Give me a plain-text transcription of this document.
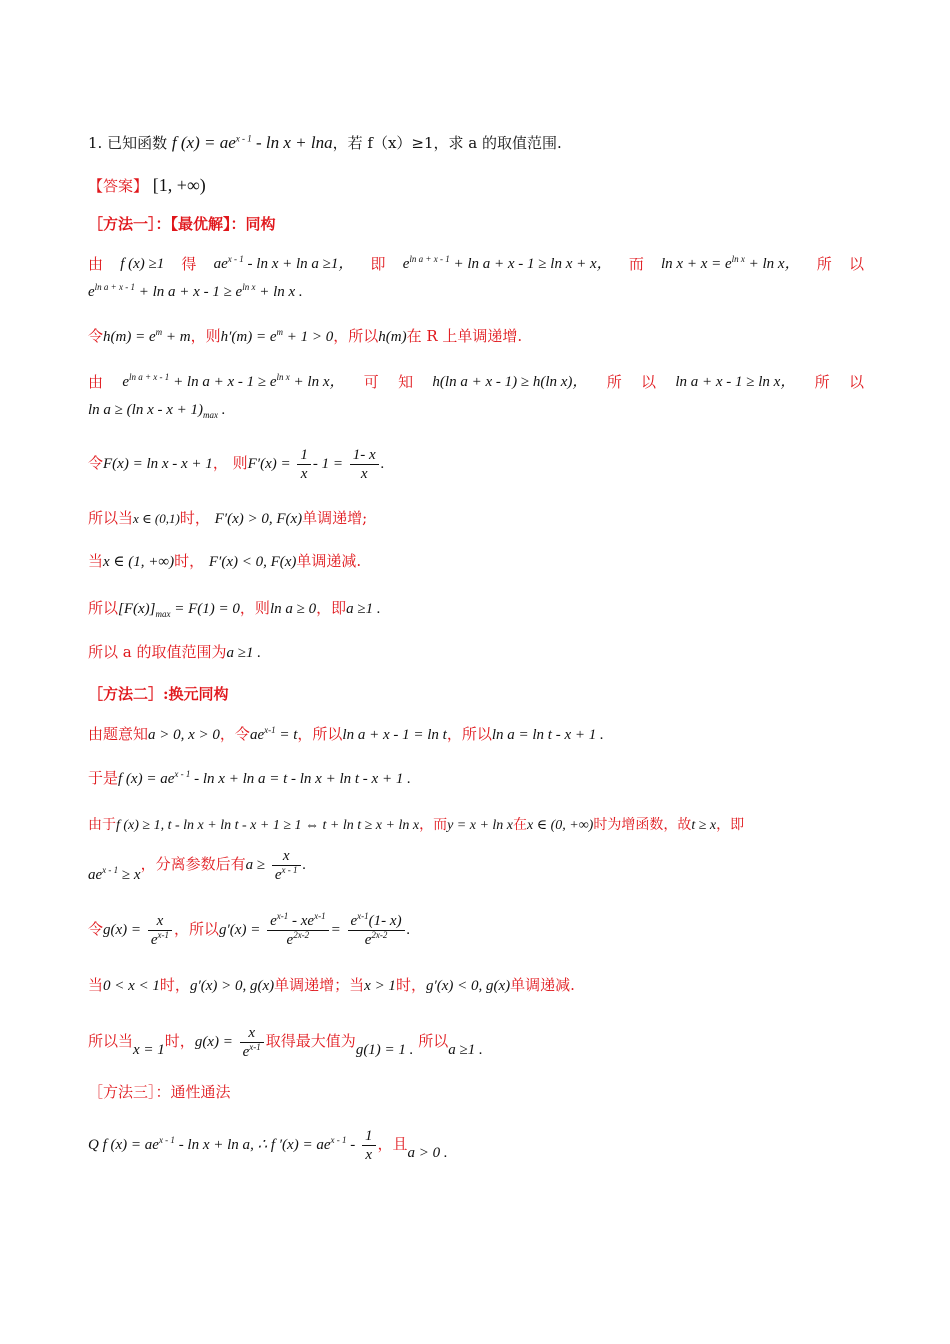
1. 已知函数 f $(x) = ae^{x - 1} - \ln x + \ln a$，若 f（x）≥1，求 a 的取值范围.
【答案】 [1, +∞)
［方法一］：【最优解】：同构
由 f (x) ≥1 得 $ae^{x - 1} - \ln x + \ln a \ge 1$， 即 $e^{ln a + x - 1} + \ln a + x - 1 \ge \ln x + x$， 而 $\ln x + x = e^{ln x} + \ln x$， 所 以
$e^{ln a + x - 1} + \ln a + x - 1 \ge e^{ln x} + \ln x$ .
令$h(m) = e^m + m$，则$h'(m) = e^m + 1 > 0$，所以h(m)在 R 上单调递增.
由 $e^{ln a + x - 1} + \ln a + x - 1 \ge e^{ln x} + \ln x$， 可 知 h(ln a + x - 1) ≥ h(ln x)， 所 以 ln a + x - 1 ≥ ln x， 所 以
ln a ≥ (ln $x - x + 1)_{max}$ .
令F(x) = ln x - x + 1， 则$F'(x) = \frac{1}{x} - 1 = \frac{1- x}{x}$ .
所以当x ∈ (0,1)时， F′(x) > 0, F(x)单调递增;
当x ∈ (1, +∞)时， F′(x) < 0, F(x)单调递减.
所以$[F(x)]_{max} = F(1) = 0$，则ln a ≥ 0，即a ≥1 .
所以 a 的取值范围为a ≥1 .
［方法二］:换元同构
由题意知a > 0, x > 0，令$ae^{x-1} = t$，所以ln a + x - 1 = ln t，所以ln a = ln t - x + 1 .
于是f $(x) = ae^{x - 1} - \ln x + \ln a = t - \ln x + \ln t - x + 1$ .
由于f (x) ≥ 1, t - ln x + ln t - x + 1 ≥ 1 ⇔ t + ln t ≥ x + ln x，而y = x + ln x在x ∈ (0, +∞)时为增函数，故t ≥ x，即
$ae^{x - 1} \ge x$，分离参数后有$a \ge \frac{x}{e^{x - 1}}$ .
令$g(x) = \frac{x}{e^{x-1}}$ ，所以$g'(x) = \frac{e^{x-1} - xe^{x-1}}{e^{2x-2}} = \frac{e^{x-1}(1- x)}{e^{2x-2}}$ .
当0 < x < 1时，g′(x) > 0, g(x)单调递增；当x > 1时，g′(x) < 0, g(x)单调递减.
所以当x = 1时，$g(x) = \frac{x}{e^{x-1}}$ 取得最大值为g(1) = 1 . 所以a ≥1 .
［方法三］：通性通法
Q f $(x) = ae^{x - 1} - \ln x + \ln a$, ∴ f $'(x) = ae^{x - 1} - \frac{1}{x}$ ，且a > 0 .
